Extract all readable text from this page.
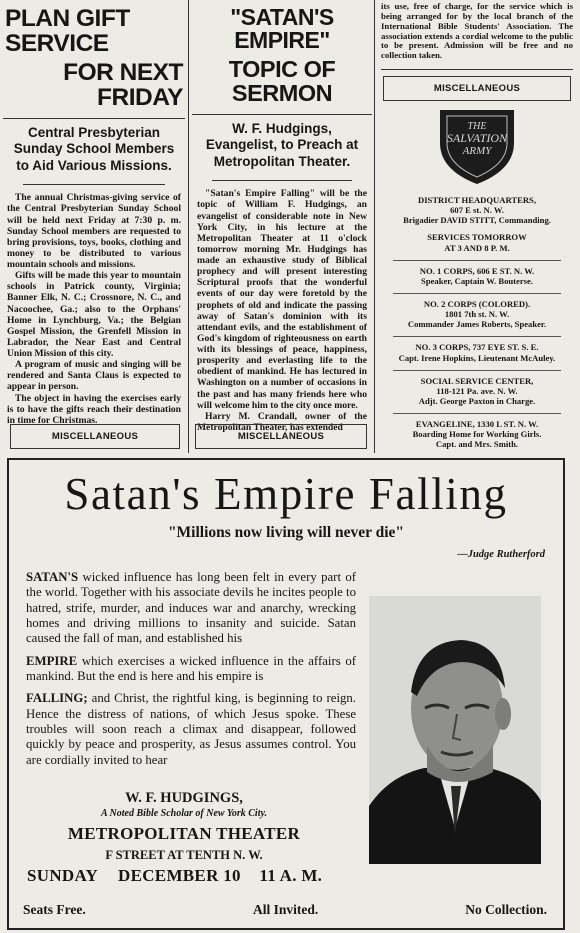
PLAN GIFT SERVICE
FOR NEXT FRIDAY
Central Presbyterian Sunday School Members to Aid Various Missions.

The annual Christmas-giving service of the Central Presbyterian Sunday School will be held next Friday at 7:30 p. m. Sunday School members are requested to bring provisions, toys, books, clothing and money to be distributed to various mountain schools and missions.

Gifts will be made this year to mountain schools in Patrick county, Virginia; Banner Elk, N. C.; Crossnore, N. C., and Nacoochee, Ga.; also to the Orphans' Home in Lynchburg, Va.; the Belgian Gospel Mission, the Grenfell Mission in Labrador, the Near East and Central Union Mission of this city.

A program of music and singing will be rendered and Santa Claus is expected to appear in person.

The object in having the exercises early is to have the gifts reach their destination in time for Christmas.

MISCELLANEOUS
"SATAN'S EMPIRE"
TOPIC OF SERMON
W. F. Hudgings, Evangelist, to Preach at Metropolitan Theater.

"Satan's Empire Falling" will be the topic of William F. Hudgings, an evangelist of considerable note in New York City, in his lecture at the Metropolitan Theater at 11 o'clock tomorrow morning Mr. Hudgings has made an exhaustive study of Biblical prophecy and will present interesting Scriptural proofs that the wonderful events of our day were foretold by the prophets of old and indicate the passing away of Satan's dominion with its attendant evils, and the establishment of God's kingdom of righteousness on earth with its blessings of peace, happiness, prosperity and everlasting life to the obedient of mankind. He has lectured in Washington on a number of occasions in the past and has many friends here who will welcome him to the city once more.

Harry M. Crandall, owner of the Metropolitan Theater, has extended

MISCELLANEOUS
its use, free of charge, for the service which is being arranged for by the local branch of the International Bible Students' Association. The association extends a cordial welcome to the public to be present. Admission will be free and no collection taken.
MISCELLANEOUS
THE
SALVATION
ARMY
DISTRICT HEADQUARTERS,
607 E st. N. W.
Brigadier DAVID STITT, Commanding.
SERVICES TOMORROW
AT 3 AND 8 P. M.
NO. 1 CORPS, 606 E ST. N. W.
Speaker, Captain W. Bouterse.
NO. 2 CORPS (COLORED).
1801 7th st. N. W.
Commander James Roberts, Speaker.
NO. 3 CORPS, 737 EYE ST. S. E.
Capt. Irene Hopkins, Lieutenant McAuley.
SOCIAL SERVICE CENTER,
118-121 Pa. ave. N. W.
Adjt. George Paxton in Charge.
EVANGELINE, 1330 L ST. N. W.
Boarding Home for Working Girls.
Capt. and Mrs. Smith.
Satan's Empire Falling
"Millions now living will never die"
—Judge Rutherford

SATAN'S wicked influence has long been felt in every part of the world. Together with his associate devils he incites people to hatred, strife, murder, and induces war and anarchy, wrecking homes and driving millions to insanity and suicide. Satan caused the fall of man, and established his

EMPIRE which exercises a wicked influence in the affairs of mankind. But the end is here and his empire is

FALLING; and Christ, the rightful king, is beginning to reign. Hence the distress of nations, of which Jesus spoke. These troubles will soon reach a climax and disappear, followed quickly by peace and prosperity, as Jesus assumes control. You are cordially invited to hear

W. F. HUDGINGS,
A Noted Bible Scholar of New York City.
METROPOLITAN THEATER
F STREET AT TENTH N. W.
SUNDAY DECEMBER 10 11 A. M.
Seats Free.	All Invited.	No Collection.
